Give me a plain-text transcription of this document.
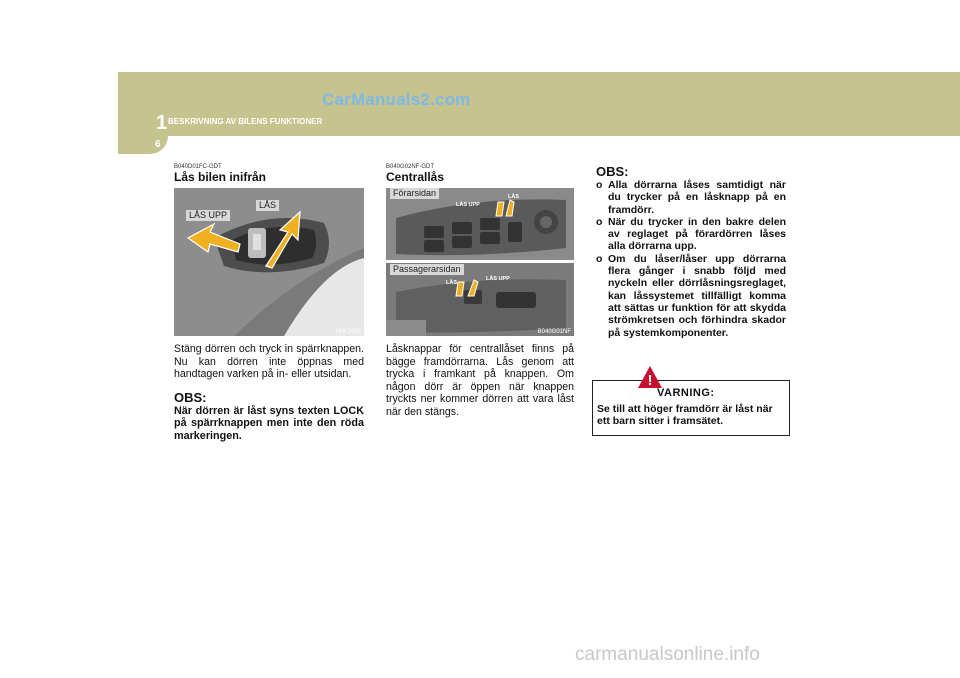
CarManuals2.com
1 BESKRIVNING AV BILENS FUNKTIONER
6
B040D01FC-GDT
Lås bilen inifrån
LÅS UPP
LÅS
HNF2008
Stäng dörren och tryck in spärrknappen. Nu kan dörren inte öppnas med handtagen varken på in- eller utsidan.
OBS:
När dörren är låst syns texten LOCK på spärrknappen men inte den röda markeringen.
B040G02NF-GDT
Centrallås
Förarsidan
LÅS UPP
LÅS
Passagerarsidan
LÅS
LÅS UPP
B040G01NF
Låsknappar för centrallåset finns på bägge framdörrarna. Lås genom att trycka i framkant på knappen. Om någon dörr är öppen när knappen tryckts ner kommer dörren att vara låst när den stängs.
OBS:
o Alla dörrarna låses samtidigt när du trycker på en låsknapp på en framdörr.
o När du trycker in den bakre delen av reglaget på förardörren låses alla dörrarna upp.
o Om du låser/låser upp dörrarna flera gånger i snabb följd med nyckeln eller dörrlåsningsreglaget, kan låssystemet tillfälligt komma att sättas ur funktion för att skydda strömkretsen och förhindra skador på systemkomponenter.
!
VARNING:
Se till att höger framdörr är låst när ett barn sitter i framsätet.
carmanualsonline.info
